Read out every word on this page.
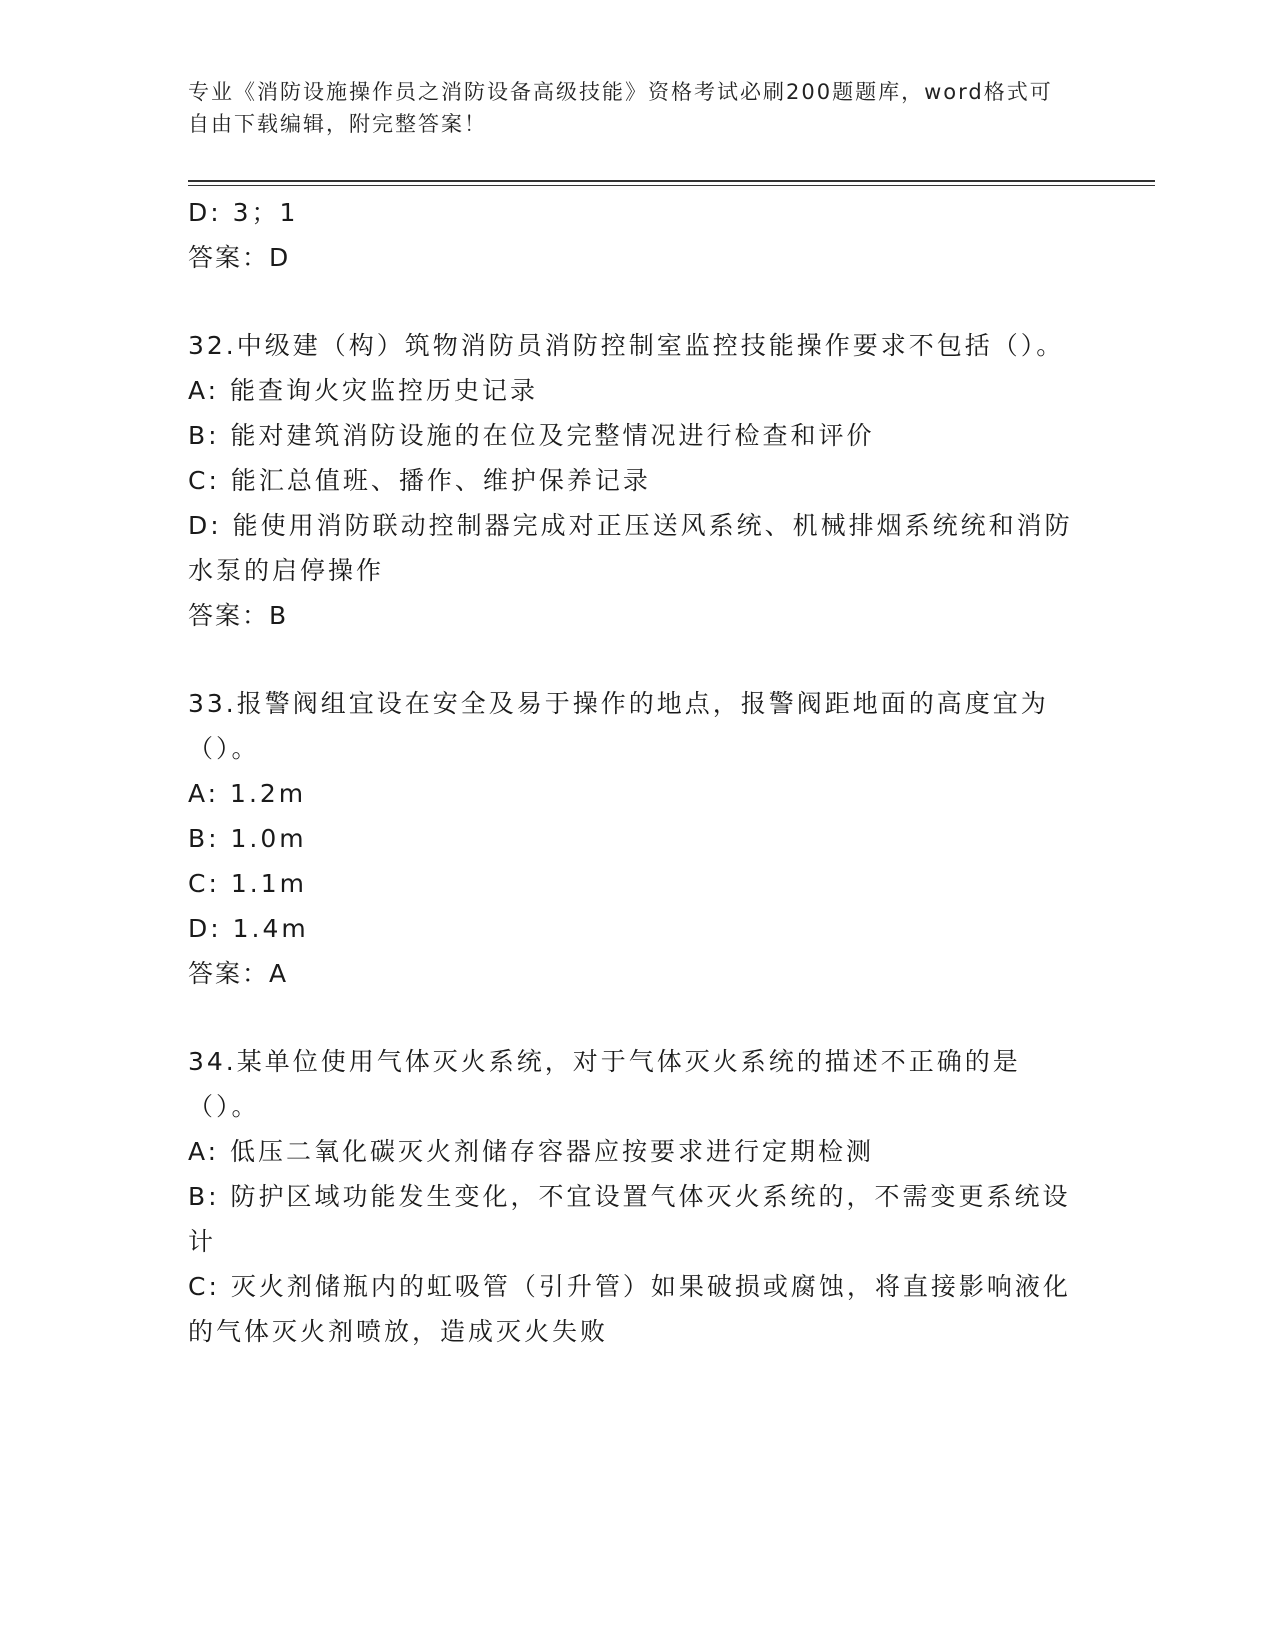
专业《消防设施操作员之消防设备高级技能》资格考试必刷200题题库，word格式可自由下载编辑，附完整答案！

D: 3；1

答案：D

32.中级建（构）筑物消防员消防控制室监控技能操作要求不包括（）。

A: 能查询火灾监控历史记录

B: 能对建筑消防设施的在位及完整情况进行检查和评价

C: 能汇总值班、播作、维护保养记录

D: 能使用消防联动控制器完成对正压送风系统、机械排烟系统统和消防水泵的启停操作

答案：B

33.报警阀组宜设在安全及易于操作的地点，报警阀距地面的高度宜为（）。

A: 1.2m

B: 1.0m

C: 1.1m

D: 1.4m

答案：A

34.某单位使用气体灭火系统，对于气体灭火系统的描述不正确的是（）。

A: 低压二氧化碳灭火剂储存容器应按要求进行定期检测

B: 防护区域功能发生变化，不宜设置气体灭火系统的，不需变更系统设计

C: 灭火剂储瓶内的虹吸管（引升管）如果破损或腐蚀，将直接影响液化的气体灭火剂喷放，造成灭火失败
